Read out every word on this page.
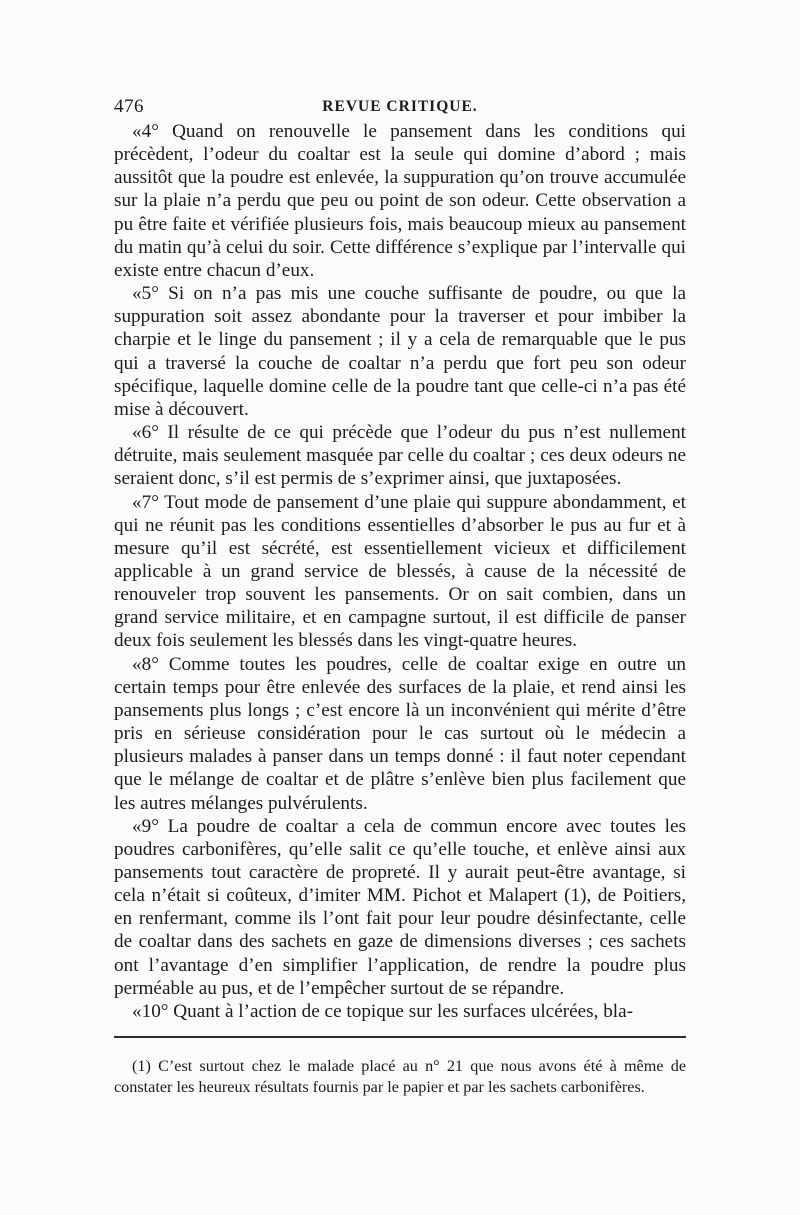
476	REVUE CRITIQUE.

«4° Quand on renouvelle le pansement dans les conditions qui précèdent, l’odeur du coaltar est la seule qui domine d’abord ; mais aussitôt que la poudre est enlevée, la suppuration qu’on trouve accumulée sur la plaie n’a perdu que peu ou point de son odeur. Cette observation a pu être faite et vérifiée plusieurs fois, mais beaucoup mieux au pansement du matin qu’à celui du soir. Cette différence s’explique par l’intervalle qui existe entre chacun d’eux.

«5° Si on n’a pas mis une couche suffisante de poudre, ou que la suppuration soit assez abondante pour la traverser et pour imbiber la charpie et le linge du pansement ; il y a cela de remarquable que le pus qui a traversé la couche de coaltar n’a perdu que fort peu son odeur spécifique, laquelle domine celle de la poudre tant que celle-ci n’a pas été mise à découvert.

«6° Il résulte de ce qui précède que l’odeur du pus n’est nullement détruite, mais seulement masquée par celle du coaltar ; ces deux odeurs ne seraient donc, s’il est permis de s’exprimer ainsi, que juxtaposées.

«7° Tout mode de pansement d’une plaie qui suppure abondamment, et qui ne réunit pas les conditions essentielles d’absorber le pus au fur et à mesure qu’il est sécrété, est essentiellement vicieux et difficilement applicable à un grand service de blessés, à cause de la nécessité de renouveler trop souvent les pansements. Or on sait combien, dans un grand service militaire, et en campagne surtout, il est difficile de panser deux fois seulement les blessés dans les vingt-quatre heures.

«8° Comme toutes les poudres, celle de coaltar exige en outre un certain temps pour être enlevée des surfaces de la plaie, et rend ainsi les pansements plus longs ; c’est encore là un inconvénient qui mérite d’être pris en sérieuse considération pour le cas surtout où le médecin a plusieurs malades à panser dans un temps donné : il faut noter cependant que le mélange de coaltar et de plâtre s’enlève bien plus facilement que les autres mélanges pulvérulents.

«9° La poudre de coaltar a cela de commun encore avec toutes les poudres carbonifères, qu’elle salit ce qu’elle touche, et enlève ainsi aux pansements tout caractère de propreté. Il y aurait peut-être avantage, si cela n’était si coûteux, d’imiter MM. Pichot et Malapert (1), de Poitiers, en renfermant, comme ils l’ont fait pour leur poudre désinfectante, celle de coaltar dans des sachets en gaze de dimensions diverses ; ces sachets ont l’avantage d’en simplifier l’application, de rendre la poudre plus perméable au pus, et de l’empêcher surtout de se répandre.

«10° Quant à l’action de ce topique sur les surfaces ulcérées, bla-

(1) C’est surtout chez le malade placé au n° 21 que nous avons été à même de constater les heureux résultats fournis par le papier et par les sachets carbonifères.
